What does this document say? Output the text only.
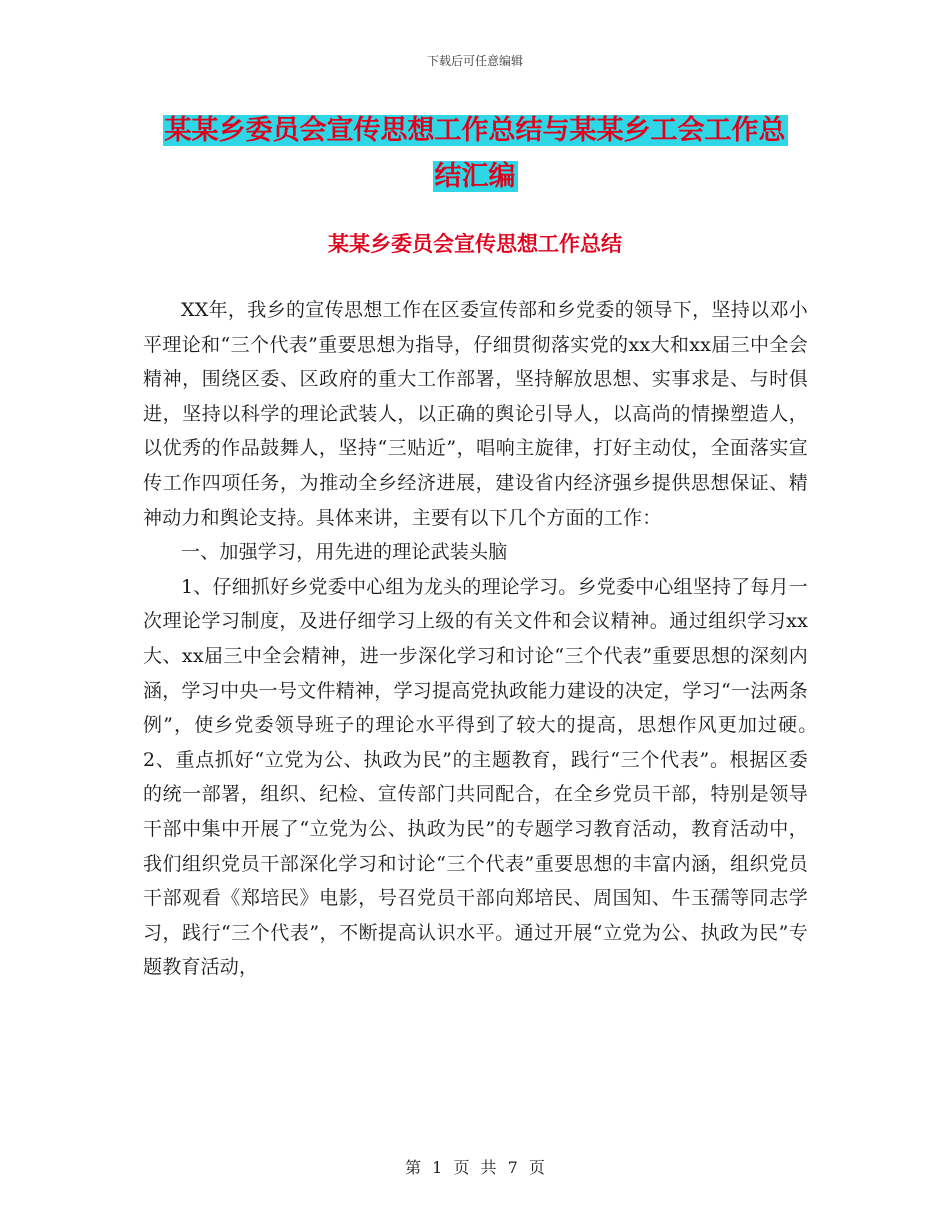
下载后可任意编辑
某某乡委员会宣传思想工作总结与某某乡工会工作总
结汇编
某某乡委员会宣传思想工作总结

XX年，我乡的宣传思想工作在区委宣传部和乡党委的领导下，坚持以邓小平理论和“三个代表”重要思想为指导，仔细贯彻落实党的xx大和xx届三中全会精神，围绕区委、区政府的重大工作部署，坚持解放思想、实事求是、与时俱进，坚持以科学的理论武装人，以正确的舆论引导人，以高尚的情操塑造人，以优秀的作品鼓舞人，坚持“三贴近”，唱响主旋律，打好主动仗，全面落实宣传工作四项任务，为推动全乡经济进展，建设省内经济强乡提供思想保证、精神动力和舆论支持。具体来讲，主要有以下几个方面的工作：

一、加强学习，用先进的理论武装头脑

1、仔细抓好乡党委中心组为龙头的理论学习。乡党委中心组坚持了每月一次理论学习制度，及进仔细学习上级的有关文件和会议精神。通过组织学习xx大、xx届三中全会精神，进一步深化学习和讨论“三个代表”重要思想的深刻内涵，学习中央一号文件精神，学习提高党执政能力建设的决定，学习“一法两条例”，使乡党委领导班子的理论水平得到了较大的提高，思想作风更加过硬。　　　　2、重点抓好“立党为公、执政为民”的主题教育，践行“三个代表”。根据区委的统一部署，组织、纪检、宣传部门共同配合，在全乡党员干部，特别是领导干部中集中开展了“立党为公、执政为民”的专题学习教育活动，教育活动中，我们组织党员干部深化学习和讨论“三个代表”重要思想的丰富内涵，组织党员干部观看《郑培民》电影，号召党员干部向郑培民、周国知、牛玉孺等同志学习，践行“三个代表”，不断提高认识水平。通过开展“立党为公、执政为民”专题教育活动，

第 1 页 共 7 页
